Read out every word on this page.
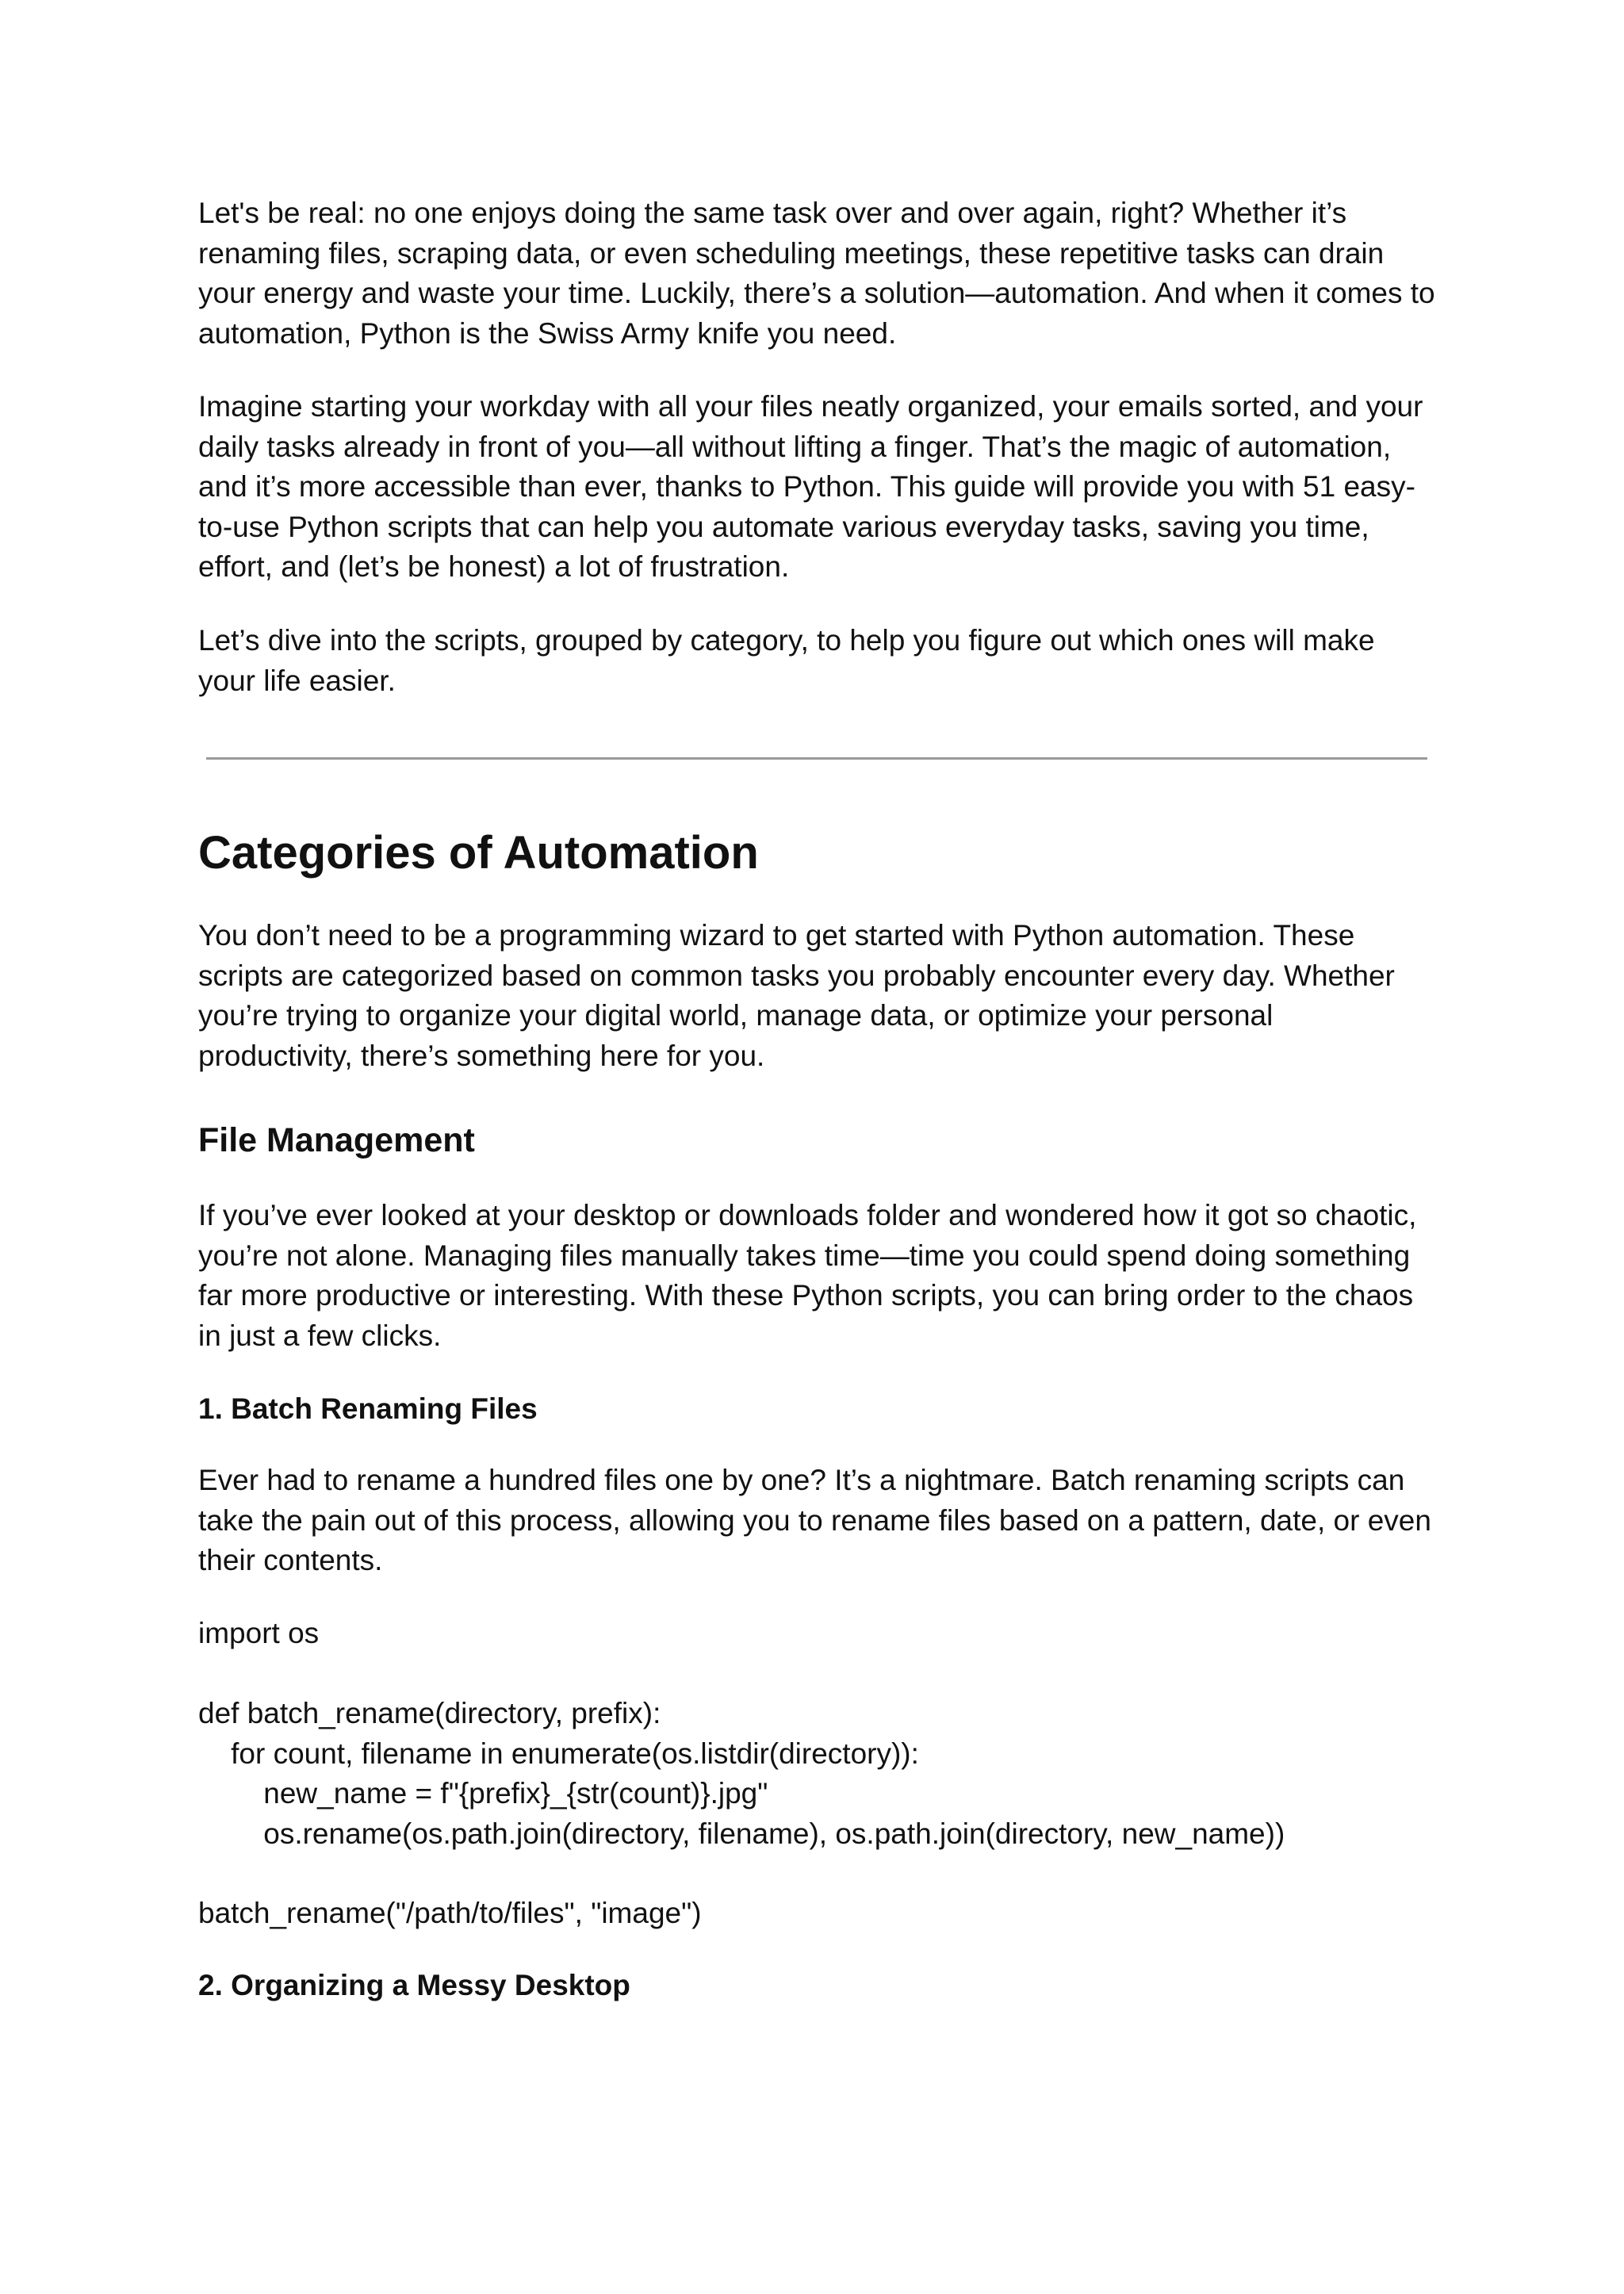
Let's be real: no one enjoys doing the same task over and over again, right? Whether it’s renaming files, scraping data, or even scheduling meetings, these repetitive tasks can drain your energy and waste your time. Luckily, there’s a solution—automation. And when it comes to automation, Python is the Swiss Army knife you need.

Imagine starting your workday with all your files neatly organized, your emails sorted, and your daily tasks already in front of you—all without lifting a finger. That’s the magic of automation, and it’s more accessible than ever, thanks to Python. This guide will provide you with 51 easy-to-use Python scripts that can help you automate various everyday tasks, saving you time, effort, and (let’s be honest) a lot of frustration.

Let’s dive into the scripts, grouped by category, to help you figure out which ones will make your life easier.

Categories of Automation

You don’t need to be a programming wizard to get started with Python automation. These scripts are categorized based on common tasks you probably encounter every day. Whether you’re trying to organize your digital world, manage data, or optimize your personal productivity, there’s something here for you.

File Management

If you’ve ever looked at your desktop or downloads folder and wondered how it got so chaotic, you’re not alone. Managing files manually takes time—time you could spend doing something far more productive or interesting. With these Python scripts, you can bring order to the chaos in just a few clicks.

1. Batch Renaming Files

Ever had to rename a hundred files one by one? It’s a nightmare. Batch renaming scripts can take the pain out of this process, allowing you to rename files based on a pattern, date, or even their contents.

import os
def batch_rename(directory, prefix):
for count, filename in enumerate(os.listdir(directory)):
new_name = f"{prefix}_{str(count)}.jpg"
os.rename(os.path.join(directory, filename), os.path.join(directory, new_name))
batch_rename("/path/to/files", "image")
2. Organizing a Messy Desktop
